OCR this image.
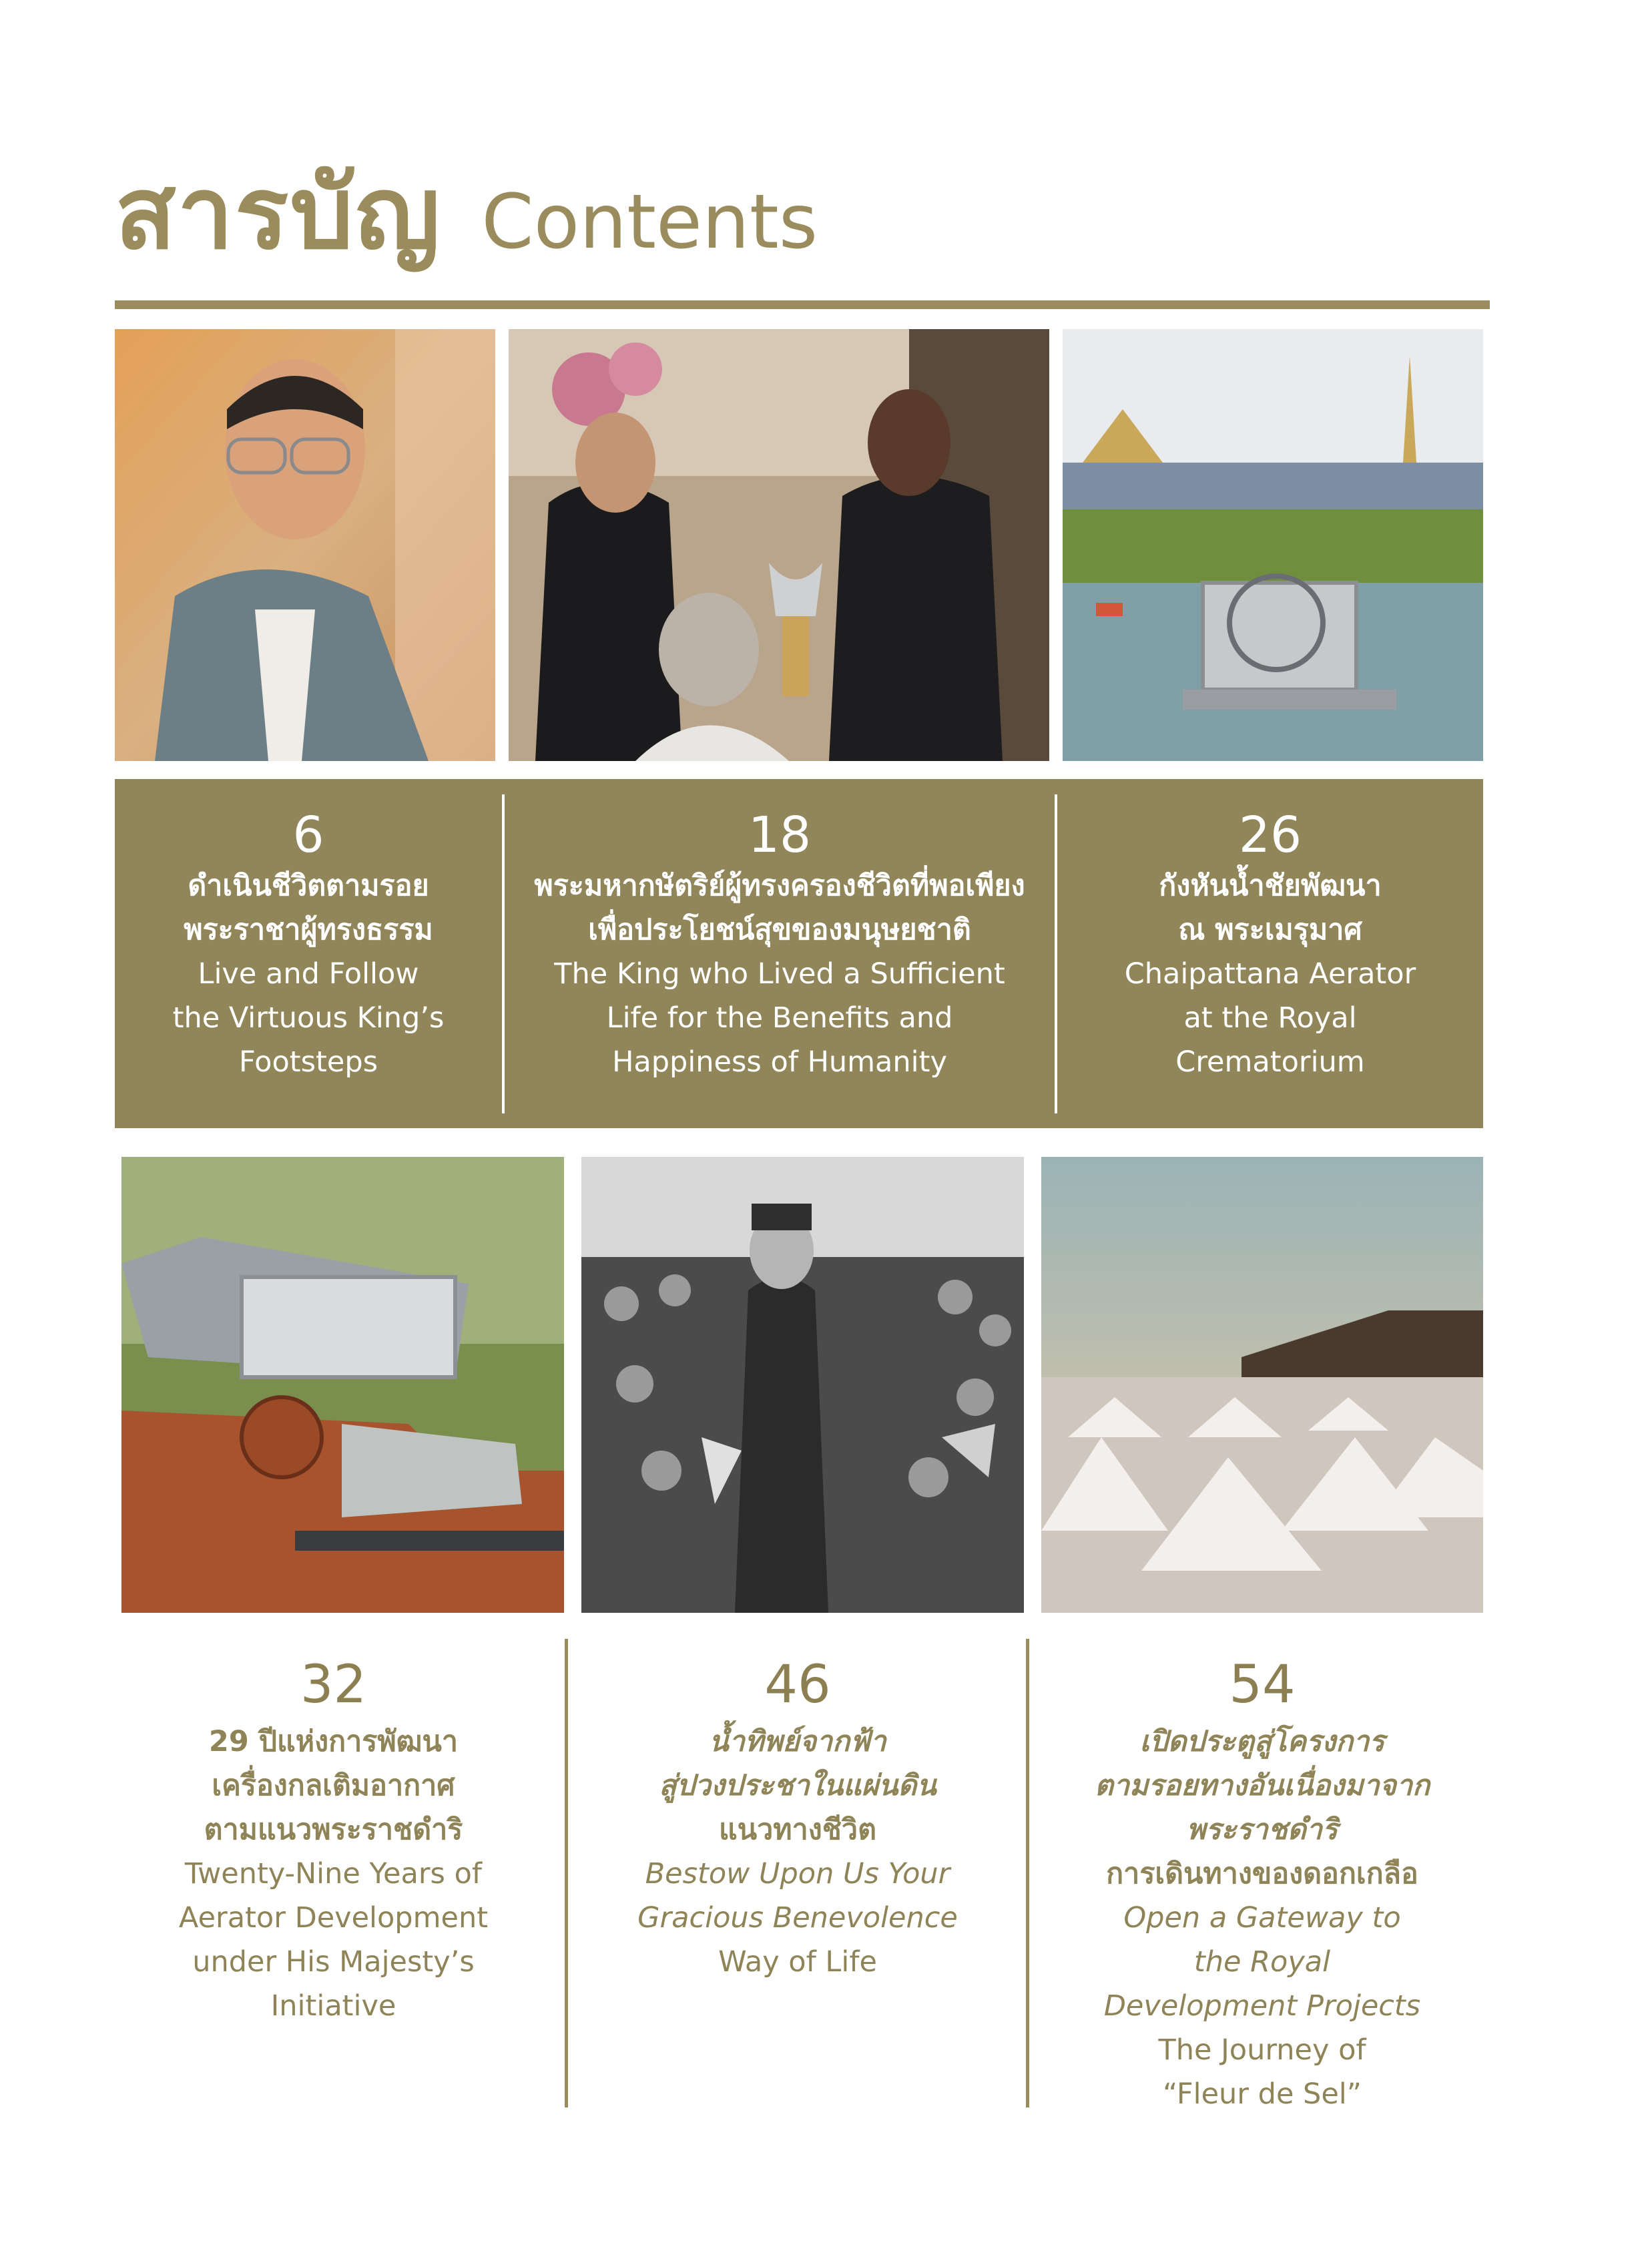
สารบัญ Contents
6
ดำเนินชีวิตตามรอย
พระราชาผู้ทรงธรรม
Live and Follow
the Virtuous King’s
Footsteps
18
พระมหากษัตริย์ผู้ทรงครองชีวิตที่พอเพียง
เพื่อประโยชน์สุขของมนุษยชาติ
The King who Lived a Sufficient
Life for the Benefits and
Happiness of Humanity
26
กังหันน้ำชัยพัฒนา
ณ พระเมรุมาศ
Chaipattana Aerator
at the Royal
Crematorium
32
29 ปีแห่งการพัฒนา
เครื่องกลเติมอากาศ
ตามแนวพระราชดำริ
Twenty-Nine Years of
Aerator Development
under His Majesty’s
Initiative
46
น้ำทิพย์จากฟ้า
สู่ปวงประชาในแผ่นดิน
แนวทางชีวิต
Bestow Upon Us Your
Gracious Benevolence
Way of Life
54
เปิดประตูสู่โครงการ
ตามรอยทางอันเนื่องมาจาก
พระราชดำริ
การเดินทางของดอกเกลือ
Open a Gateway to
the Royal
Development Projects
The Journey of
“Fleur de Sel”
